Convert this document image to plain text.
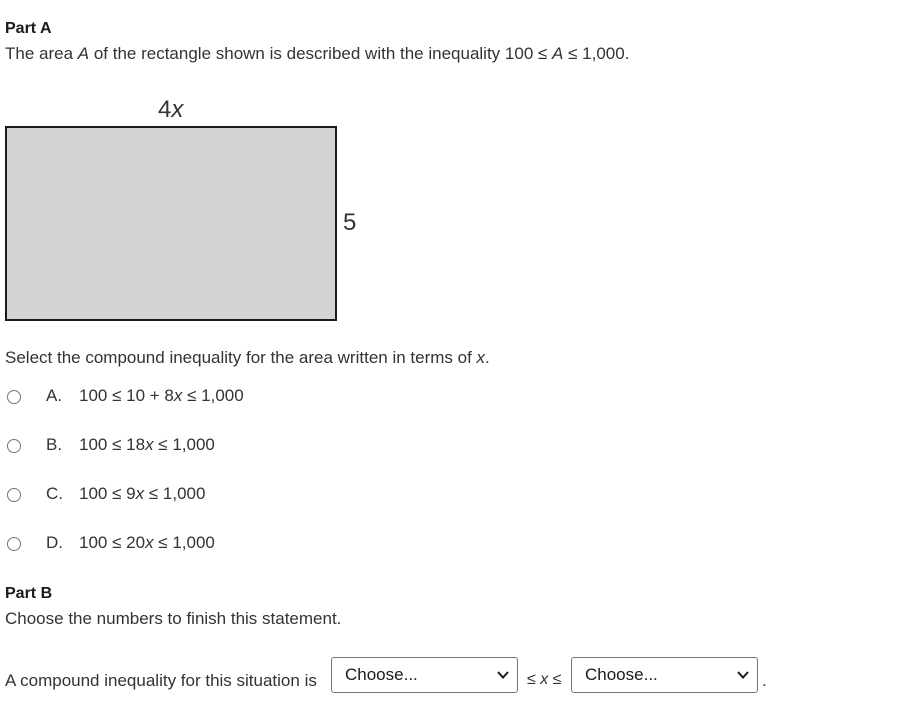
Part A
The area A of the rectangle shown is described with the inequality 100 ≤ A ≤ 1,000.
4x
5
Select the compound inequality for the area written in terms of x.
A. 100 ≤ 10 + 8x ≤ 1,000
B. 100 ≤ 18x ≤ 1,000
C. 100 ≤ 9x ≤ 1,000
D. 100 ≤ 20x ≤ 1,000
Part B
Choose the numbers to finish this statement.
A compound inequality for this situation is Choose...	≤ x ≤ Choose...	.
